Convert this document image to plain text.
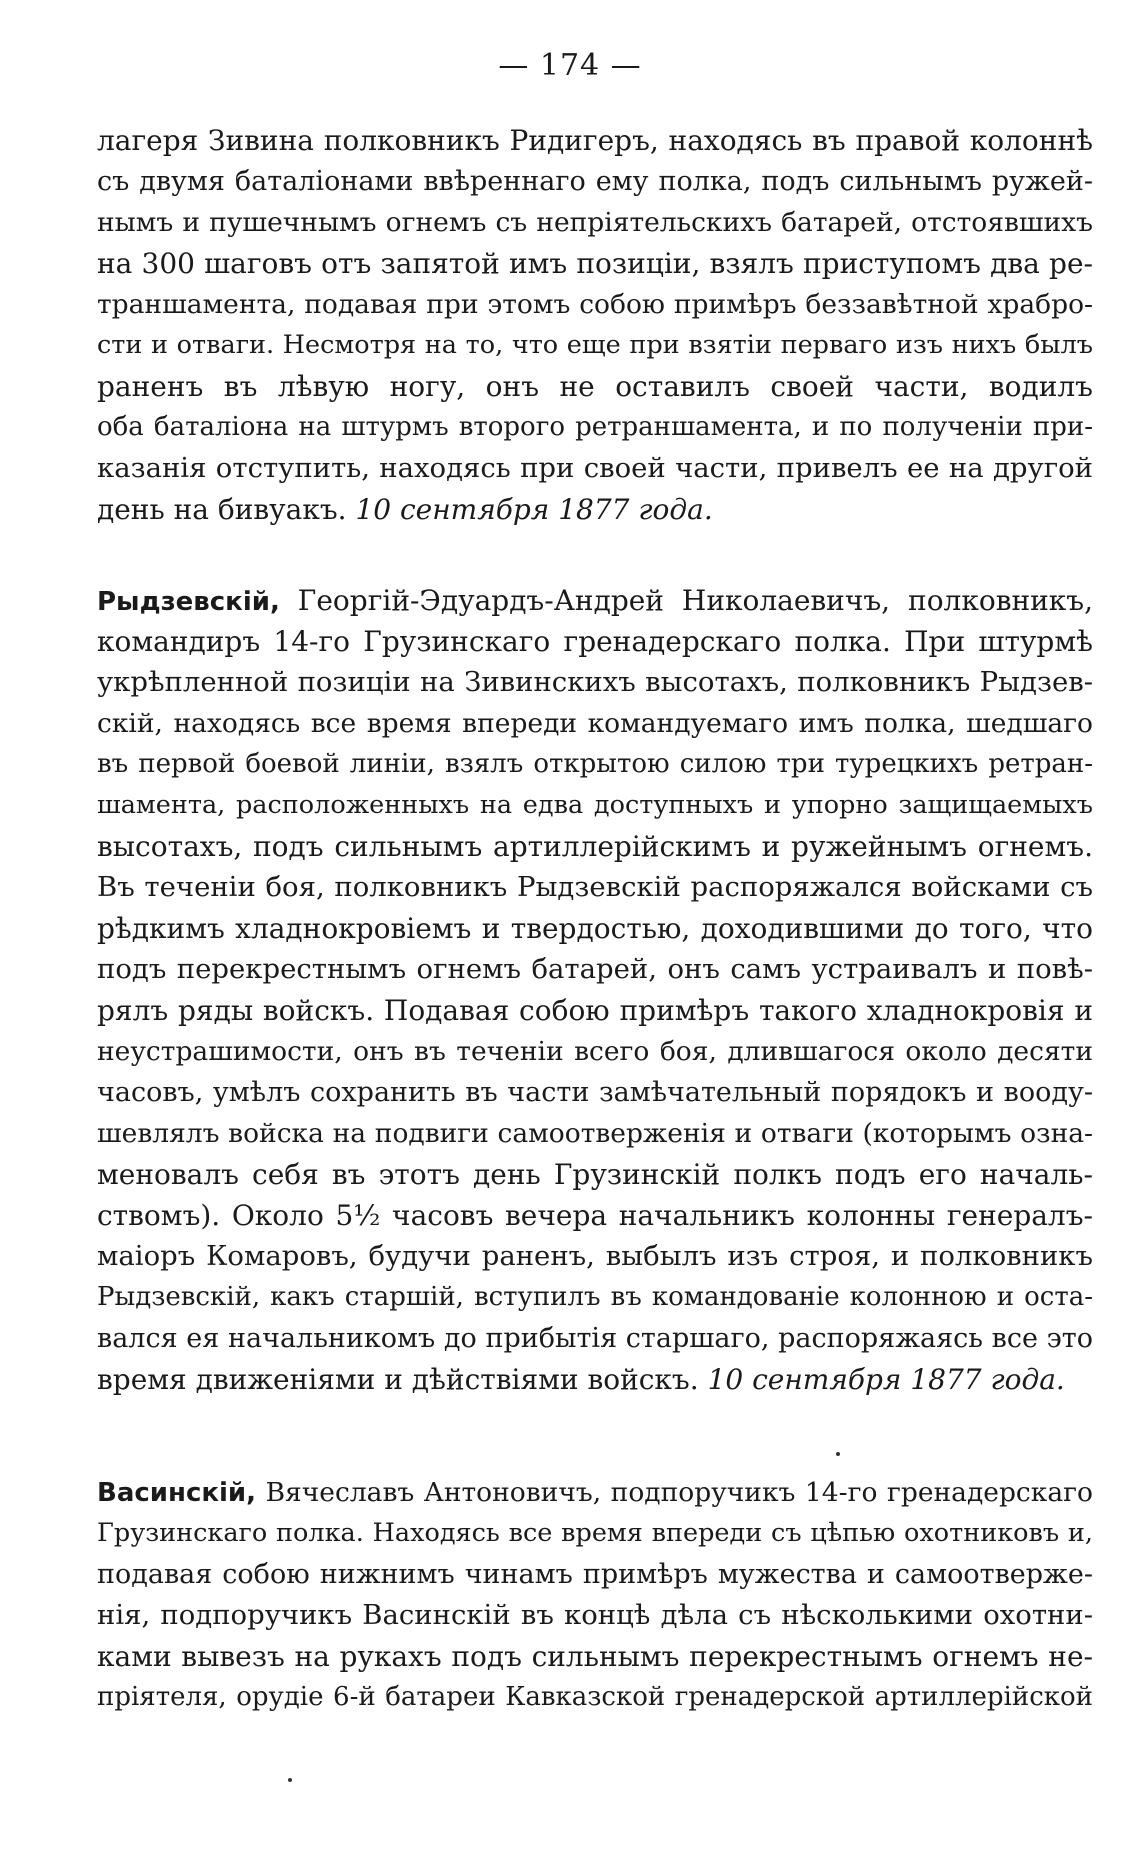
— 174 —
лагеря Зивина полковникъ Ридигеръ, находясь въ правой колоннѣ
съ двумя баталіонами ввѣреннаго ему полка, подъ сильнымъ ружей-
нымъ и пушечнымъ огнемъ съ непріятельскихъ батарей, отстоявшихъ
на 300 шаговъ отъ запятой имъ позиціи, взялъ приступомъ два ре-
траншамента, подавая при этомъ собою примѣръ беззавѣтной храбро-
сти и отваги. Несмотря на то, что еще при взятіи перваго изъ нихъ былъ
раненъ въ лѣвую ногу, онъ не оставилъ своей части, водилъ
оба баталіона на штурмъ второго ретраншамента, и по полученіи при-
казанія отступить, находясь при своей части, привелъ ее на другой
день на бивуакъ. 10 сентября 1877 года.
Рыдзевскій, Георгій-Эдуардъ-Андрей Николаевичъ, полковникъ,
командиръ 14-го Грузинскаго гренадерскаго полка. При штурмѣ
укрѣпленной позиціи на Зивинскихъ высотахъ, полковникъ Рыдзев-
скій, находясь все время впереди командуемаго имъ полка, шедшаго
въ первой боевой линіи, взялъ открытою силою три турецкихъ ретран-
шамента, расположенныхъ на едва доступныхъ и упорно защищаемыхъ
высотахъ, подъ сильнымъ артиллерійскимъ и ружейнымъ огнемъ.
Въ теченіи боя, полковникъ Рыдзевскій распоряжался войсками съ
рѣдкимъ хладнокровіемъ и твердостью, доходившими до того, что
подъ перекрестнымъ огнемъ батарей, онъ самъ устраивалъ и повѣ-
рялъ ряды войскъ. Подавая собою примѣръ такого хладнокровія и
неустрашимости, онъ въ теченіи всего боя, длившагося около десяти
часовъ, умѣлъ сохранить въ части замѣчательный порядокъ и вооду-
шевлялъ войска на подвиги самоотверженія и отваги (которымъ озна-
меновалъ себя въ этотъ день Грузинскій полкъ подъ его началь-
ствомъ). Около 5½ часовъ вечера начальникъ колонны генералъ-
маіоръ Комаровъ, будучи раненъ, выбылъ изъ строя, и полковникъ
Рыдзевскій, какъ старшій, вступилъ въ командованіе колонною и оста-
вался ея начальникомъ до прибытія старшаго, распоряжаясь все это
время движеніями и дѣйствіями войскъ. 10 сентября 1877 года.
Васинскій, Вячеславъ Антоновичъ, подпоручикъ 14-го гренадерскаго
Грузинскаго полка. Находясь все время впереди съ цѣпью охотниковъ и,
подавая собою нижнимъ чинамъ примѣръ мужества и самоотверже-
нія, подпоручикъ Васинскій въ концѣ дѣла съ нѣсколькими охотни-
ками вывезъ на рукахъ подъ сильнымъ перекрестнымъ огнемъ не-
пріятеля, орудіе 6-й батареи Кавказской гренадерской артиллерійской
